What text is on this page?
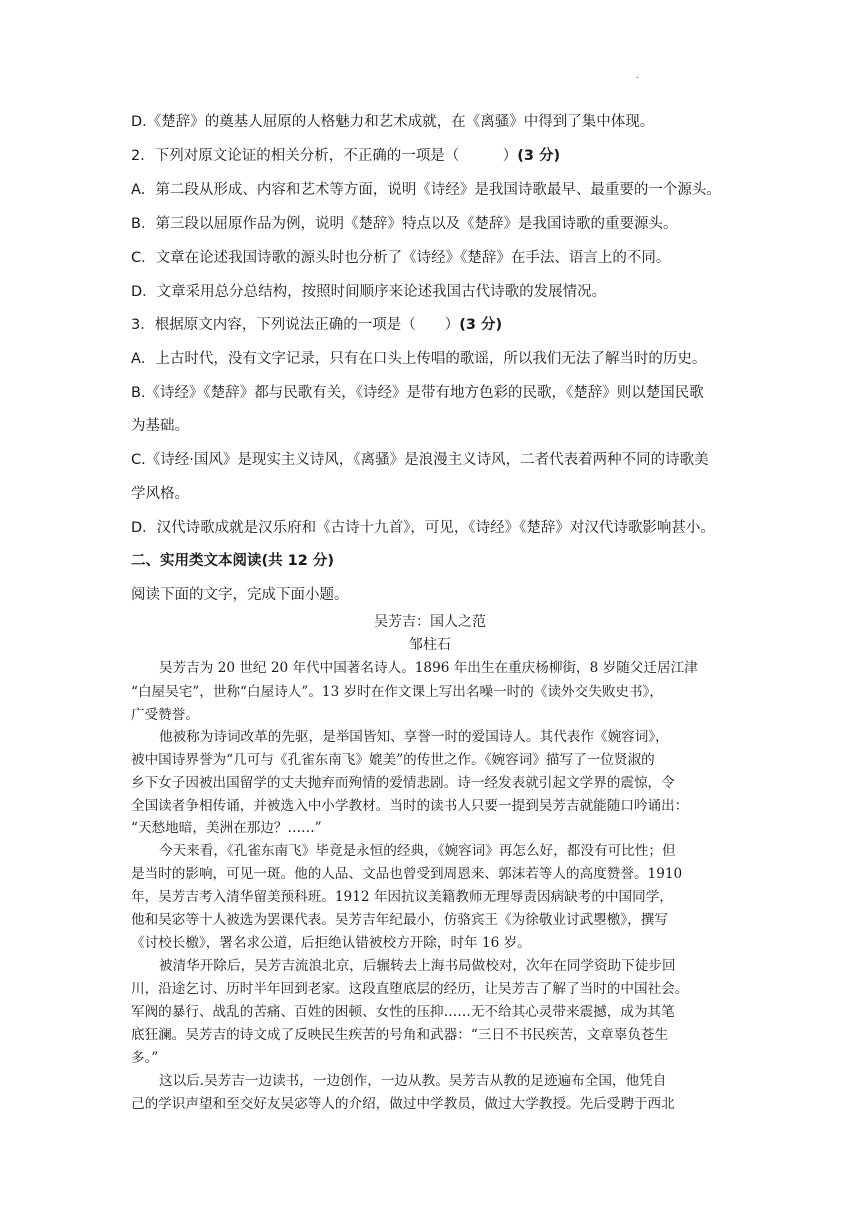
.
D.《楚辞》的奠基人屈原的人格魅力和艺术成就，在《离骚》中得到了集中体现。
2．下列对原文论证的相关分析，不正确的一项是（　　　）(3 分)
A．第二段从形成、内容和艺术等方面，说明《诗经》是我国诗歌最早、最重要的一个源头。
B．第三段以屈原作品为例，说明《楚辞》特点以及《楚辞》是我国诗歌的重要源头。
C．文章在论述我国诗歌的源头时也分析了《诗经》《楚辞》在手法、语言上的不同。
D．文章采用总分总结构，按照时间顺序来论述我国古代诗歌的发展情况。
3．根据原文内容，下列说法正确的一项是（　　）(3 分)
A．上古时代，没有文字记录，只有在口头上传唱的歌谣，所以我们无法了解当时的历史。
B.《诗经》《楚辞》都与民歌有关，《诗经》是带有地方色彩的民歌，《楚辞》则以楚国民歌
为基础。
C.《诗经·国风》是现实主义诗风，《离骚》是浪漫主义诗风，二者代表着两种不同的诗歌美
学风格。
D．汉代诗歌成就是汉乐府和《古诗十九首》，可见，《诗经》《楚辞》对汉代诗歌影响甚小。
二、实用类文本阅读(共 12 分)
阅读下面的文字，完成下面小题。
吴芳吉：国人之范
邹柱石
吴芳吉为 20 世纪 20 年代中国著名诗人。1896 年出生在重庆杨柳街，8 岁随父迁居江津
“白屋吴宅”，世称“白屋诗人”。13 岁时在作文课上写出名噪一时的《读外交失败史书》，
广受赞誉。
他被称为诗词改革的先驱，是举国皆知、享誉一时的爱国诗人。其代表作《婉容词》，
被中国诗界誉为“几可与《孔雀东南飞》媲美”的传世之作。《婉容词》描写了一位贤淑的
乡下女子因被出国留学的丈夫抛弃而殉情的爱情悲剧。诗一经发表就引起文学界的震惊，令
全国读者争相传诵，并被选入中小学教材。当时的读书人只要一提到吴芳吉就能随口吟诵出：
“天愁地暗，美洲在那边？……”
今天来看，《孔雀东南飞》毕竟是永恒的经典，《婉容词》再怎么好，都没有可比性；但
是当时的影响，可见一斑。他的人品、文品也曾受到周恩来、郭沫若等人的高度赞誉。1910
年，吴芳吉考入清华留美预科班。1912 年因抗议美籍教师无理辱责因病缺考的中国同学，
他和吴宓等十人被选为罢课代表。吴芳吉年纪最小，仿骆宾王《为徐敬业讨武瞾檄》，撰写
《讨校长檄》，署名求公道，后拒绝认错被校方开除，时年 16 岁。
被清华开除后，吴芳吉流浪北京，后辗转去上海书局做校对，次年在同学资助下徒步回
川，沿途乞讨、历时半年回到老家。这段直堕底层的经历，让吴芳吉了解了当时的中国社会。
军阀的暴行、战乱的苦痛、百姓的困顿、女性的压抑……无不给其心灵带来震撼，成为其笔
底狂澜。吴芳吉的诗文成了反映民生疾苦的号角和武器：“三日不书民疾苦，文章辜负苍生
多。”
这以后.吴芳吉一边读书，一边创作，一边从教。吴芳吉从教的足迹遍布全国，他凭自
己的学识声望和至交好友吴宓等人的介绍，做过中学教员，做过大学教授。先后受聘于西北
